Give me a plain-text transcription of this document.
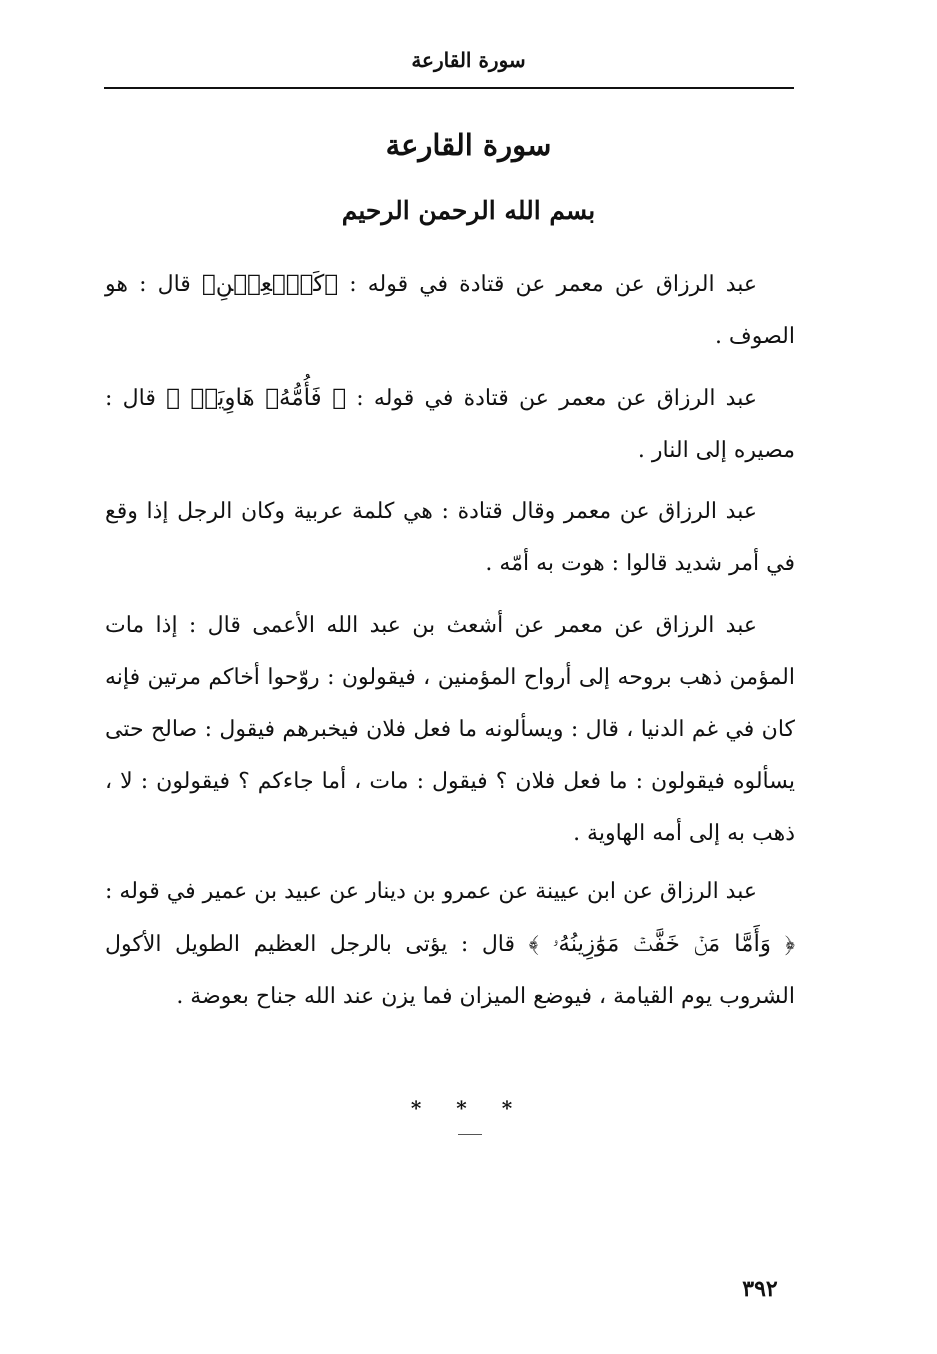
سورة القارعة
سورة القارعة
بسم الله الرحمن الرحيم

عبد الرزاق عن معمر عن قتادة في قوله : ﴿كَٱلۡعِهۡنِ﴾ قال : هو الصوف .

عبد الرزاق عن معمر عن قتادة في قوله : ﴿ فَأُمُّهُۥ هَاوِيَةٞ ﴾ قال : مصيره إلى النار .

عبد الرزاق عن معمر وقال قتادة : هي كلمة عربية وكان الرجل إذا وقع في أمر شديد قالوا : هوت به أمّه .

عبد الرزاق عن معمر عن أشعث بن عبد الله الأعمى قال : إذا مات المؤمن ذهب بروحه إلى أرواح المؤمنين ، فيقولون : روّحوا أخاكم مرتين فإنه كان في غم الدنيا ، قال : ويسألونه ما فعل فلان فيخبرهم فيقول : صالح حتى يسألوه فيقولون : ما فعل فلان ؟ فيقول : مات ، أما جاءكم ؟ فيقولون : لا ، ذهب به إلى أمه الهاوية .

عبد الرزاق عن ابن عيينة عن عمرو بن دينار عن عبيد بن عمير في قوله : ﴿ وَأَمَّا مَنۡ خَفَّتۡ مَوَٰزِينُهُۥ ﴾ قال : يؤتى بالرجل العظيم الطويل الأكول الشروب يوم القيامة ، فيوضع الميزان فما يزن عند الله جناح بعوضة .

* * *
٣٩٢
